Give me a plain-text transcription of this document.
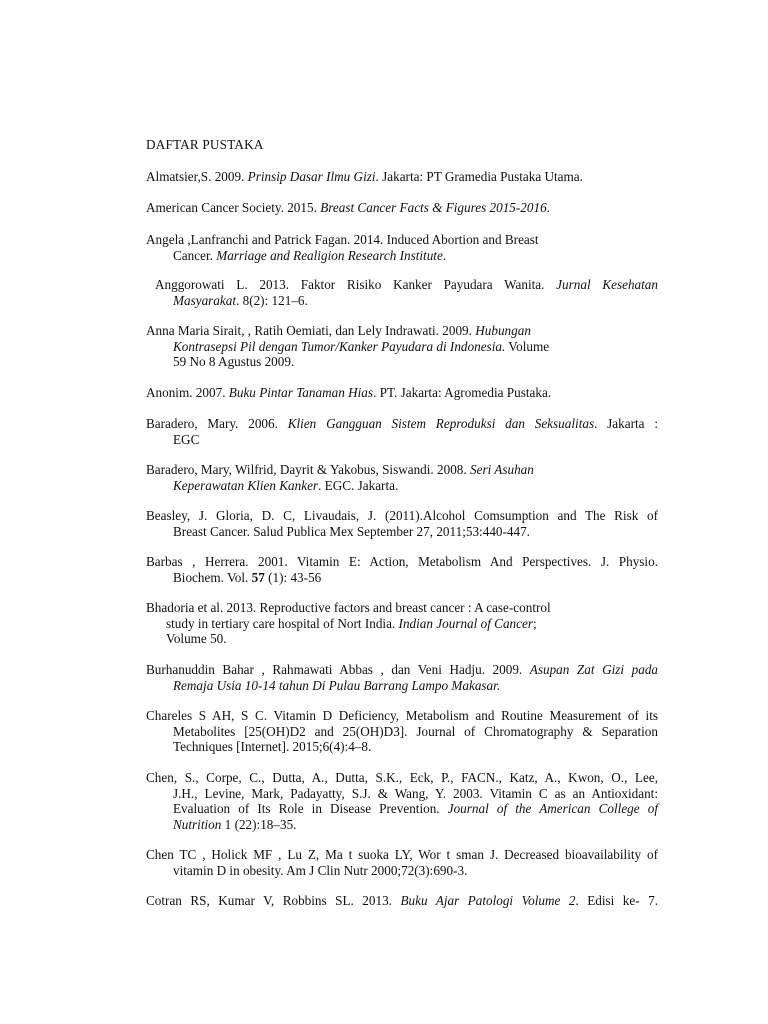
DAFTAR PUSTAKA

Almatsier,S. 2009. Prinsip Dasar Ilmu Gizi. Jakarta: PT Gramedia Pustaka Utama.
American Cancer Society. 2015. Breast Cancer Facts & Figures 2015-2016.
Angela ,Lanfranchi and Patrick Fagan. 2014. Induced Abortion and Breast
Cancer. Marriage and Realigion Research Institute.
Anggorowati L. 2013. Faktor Risiko Kanker Payudara Wanita. Jurnal Kesehatan
Masyarakat. 8(2): 121–6.
Anna Maria Sirait, , Ratih Oemiati, dan Lely Indrawati. 2009. Hubungan
Kontrasepsi Pil dengan Tumor/Kanker Payudara di Indonesia. Volume
59 No 8 Agustus 2009.
Anonim. 2007. Buku Pintar Tanaman Hias. PT. Jakarta: Agromedia Pustaka.
Baradero, Mary. 2006. Klien Gangguan Sistem Reproduksi dan Seksualitas. Jakarta :
EGC
Baradero, Mary, Wilfrid, Dayrit & Yakobus, Siswandi. 2008. Seri Asuhan
Keperawatan Klien Kanker. EGC. Jakarta.
Beasley, J. Gloria, D. C, Livaudais, J. (2011).Alcohol Comsumption and The Risk of
Breast Cancer. Salud Publica Mex September 27, 2011;53:440-447.
Barbas , Herrera. 2001. Vitamin E: Action, Metabolism And Perspectives. J. Physio.
Biochem. Vol. 57 (1): 43-56
Bhadoria et al. 2013. Reproductive factors and breast cancer : A case-control
study in tertiary care hospital of Nort India. Indian Journal of Cancer;
Volume 50.
Burhanuddin Bahar , Rahmawati Abbas , dan Veni Hadju. 2009. Asupan Zat Gizi pada
Remaja Usia 10-14 tahun Di Pulau Barrang Lampo Makasar.
Chareles S AH, S C. Vitamin D Deficiency, Metabolism and Routine Measurement of its
Metabolites [25(OH)D2 and 25(OH)D3]. Journal of Chromatography & Separation
Techniques [Internet]. 2015;6(4):4–8.
Chen, S., Corpe, C., Dutta, A., Dutta, S.K., Eck, P., FACN., Katz, A., Kwon, O., Lee,
J.H., Levine, Mark, Padayatty, S.J. & Wang, Y. 2003. Vitamin C as an Antioxidant:
Evaluation of Its Role in Disease Prevention. Journal of the American College of
Nutrition 1 (22):18–35.
Chen TC , Holick MF , Lu Z, Ma t suoka LY, Wor t sman J. Decreased bioavailability of
vitamin D in obesity. Am J Clin Nutr 2000;72(3):690-3.
Cotran RS, Kumar V, Robbins SL. 2013. Buku Ajar Patologi Volume 2. Edisi ke- 7.
